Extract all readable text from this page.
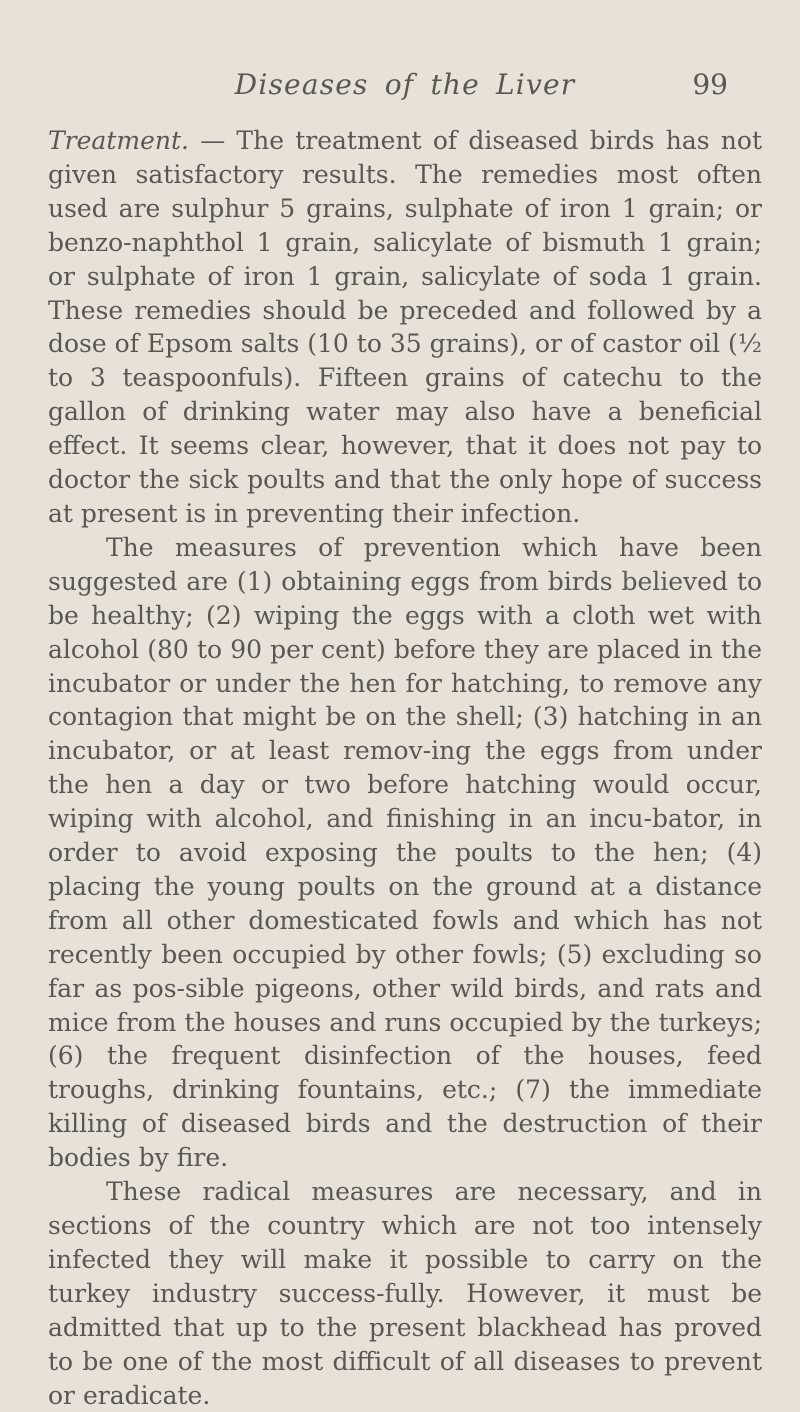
Diseases of the Liver	99

Treatment. — The treatment of diseased birds has not given satisfactory results. The remedies most often used are sulphur 5 grains, sulphate of iron 1 grain; or benzo-naphthol 1 grain, salicylate of bismuth 1 grain; or sulphate of iron 1 grain, salicylate of soda 1 grain. These remedies should be preceded and followed by a dose of Epsom salts (10 to 35 grains), or of castor oil (½ to 3 teaspoonfuls). Fifteen grains of catechu to the gallon of drinking water may also have a beneficial effect. It seems clear, however, that it does not pay to doctor the sick poults and that the only hope of success at present is in preventing their infection.

The measures of prevention which have been suggested are (1) obtaining eggs from birds believed to be healthy; (2) wiping the eggs with a cloth wet with alcohol (80 to 90 per cent) before they are placed in the incubator or under the hen for hatching, to remove any contagion that might be on the shell; (3) hatching in an incubator, or at least remov-ing the eggs from under the hen a day or two before hatching would occur, wiping with alcohol, and finishing in an incu-bator, in order to avoid exposing the poults to the hen; (4) placing the young poults on the ground at a distance from all other domesticated fowls and which has not recently been occupied by other fowls; (5) excluding so far as pos-sible pigeons, other wild birds, and rats and mice from the houses and runs occupied by the turkeys; (6) the frequent disinfection of the houses, feed troughs, drinking fountains, etc.; (7) the immediate killing of diseased birds and the destruction of their bodies by fire.

These radical measures are necessary, and in sections of the country which are not too intensely infected they will make it possible to carry on the turkey industry success-fully. However, it must be admitted that up to the present blackhead has proved to be one of the most difficult of all diseases to prevent or eradicate.
